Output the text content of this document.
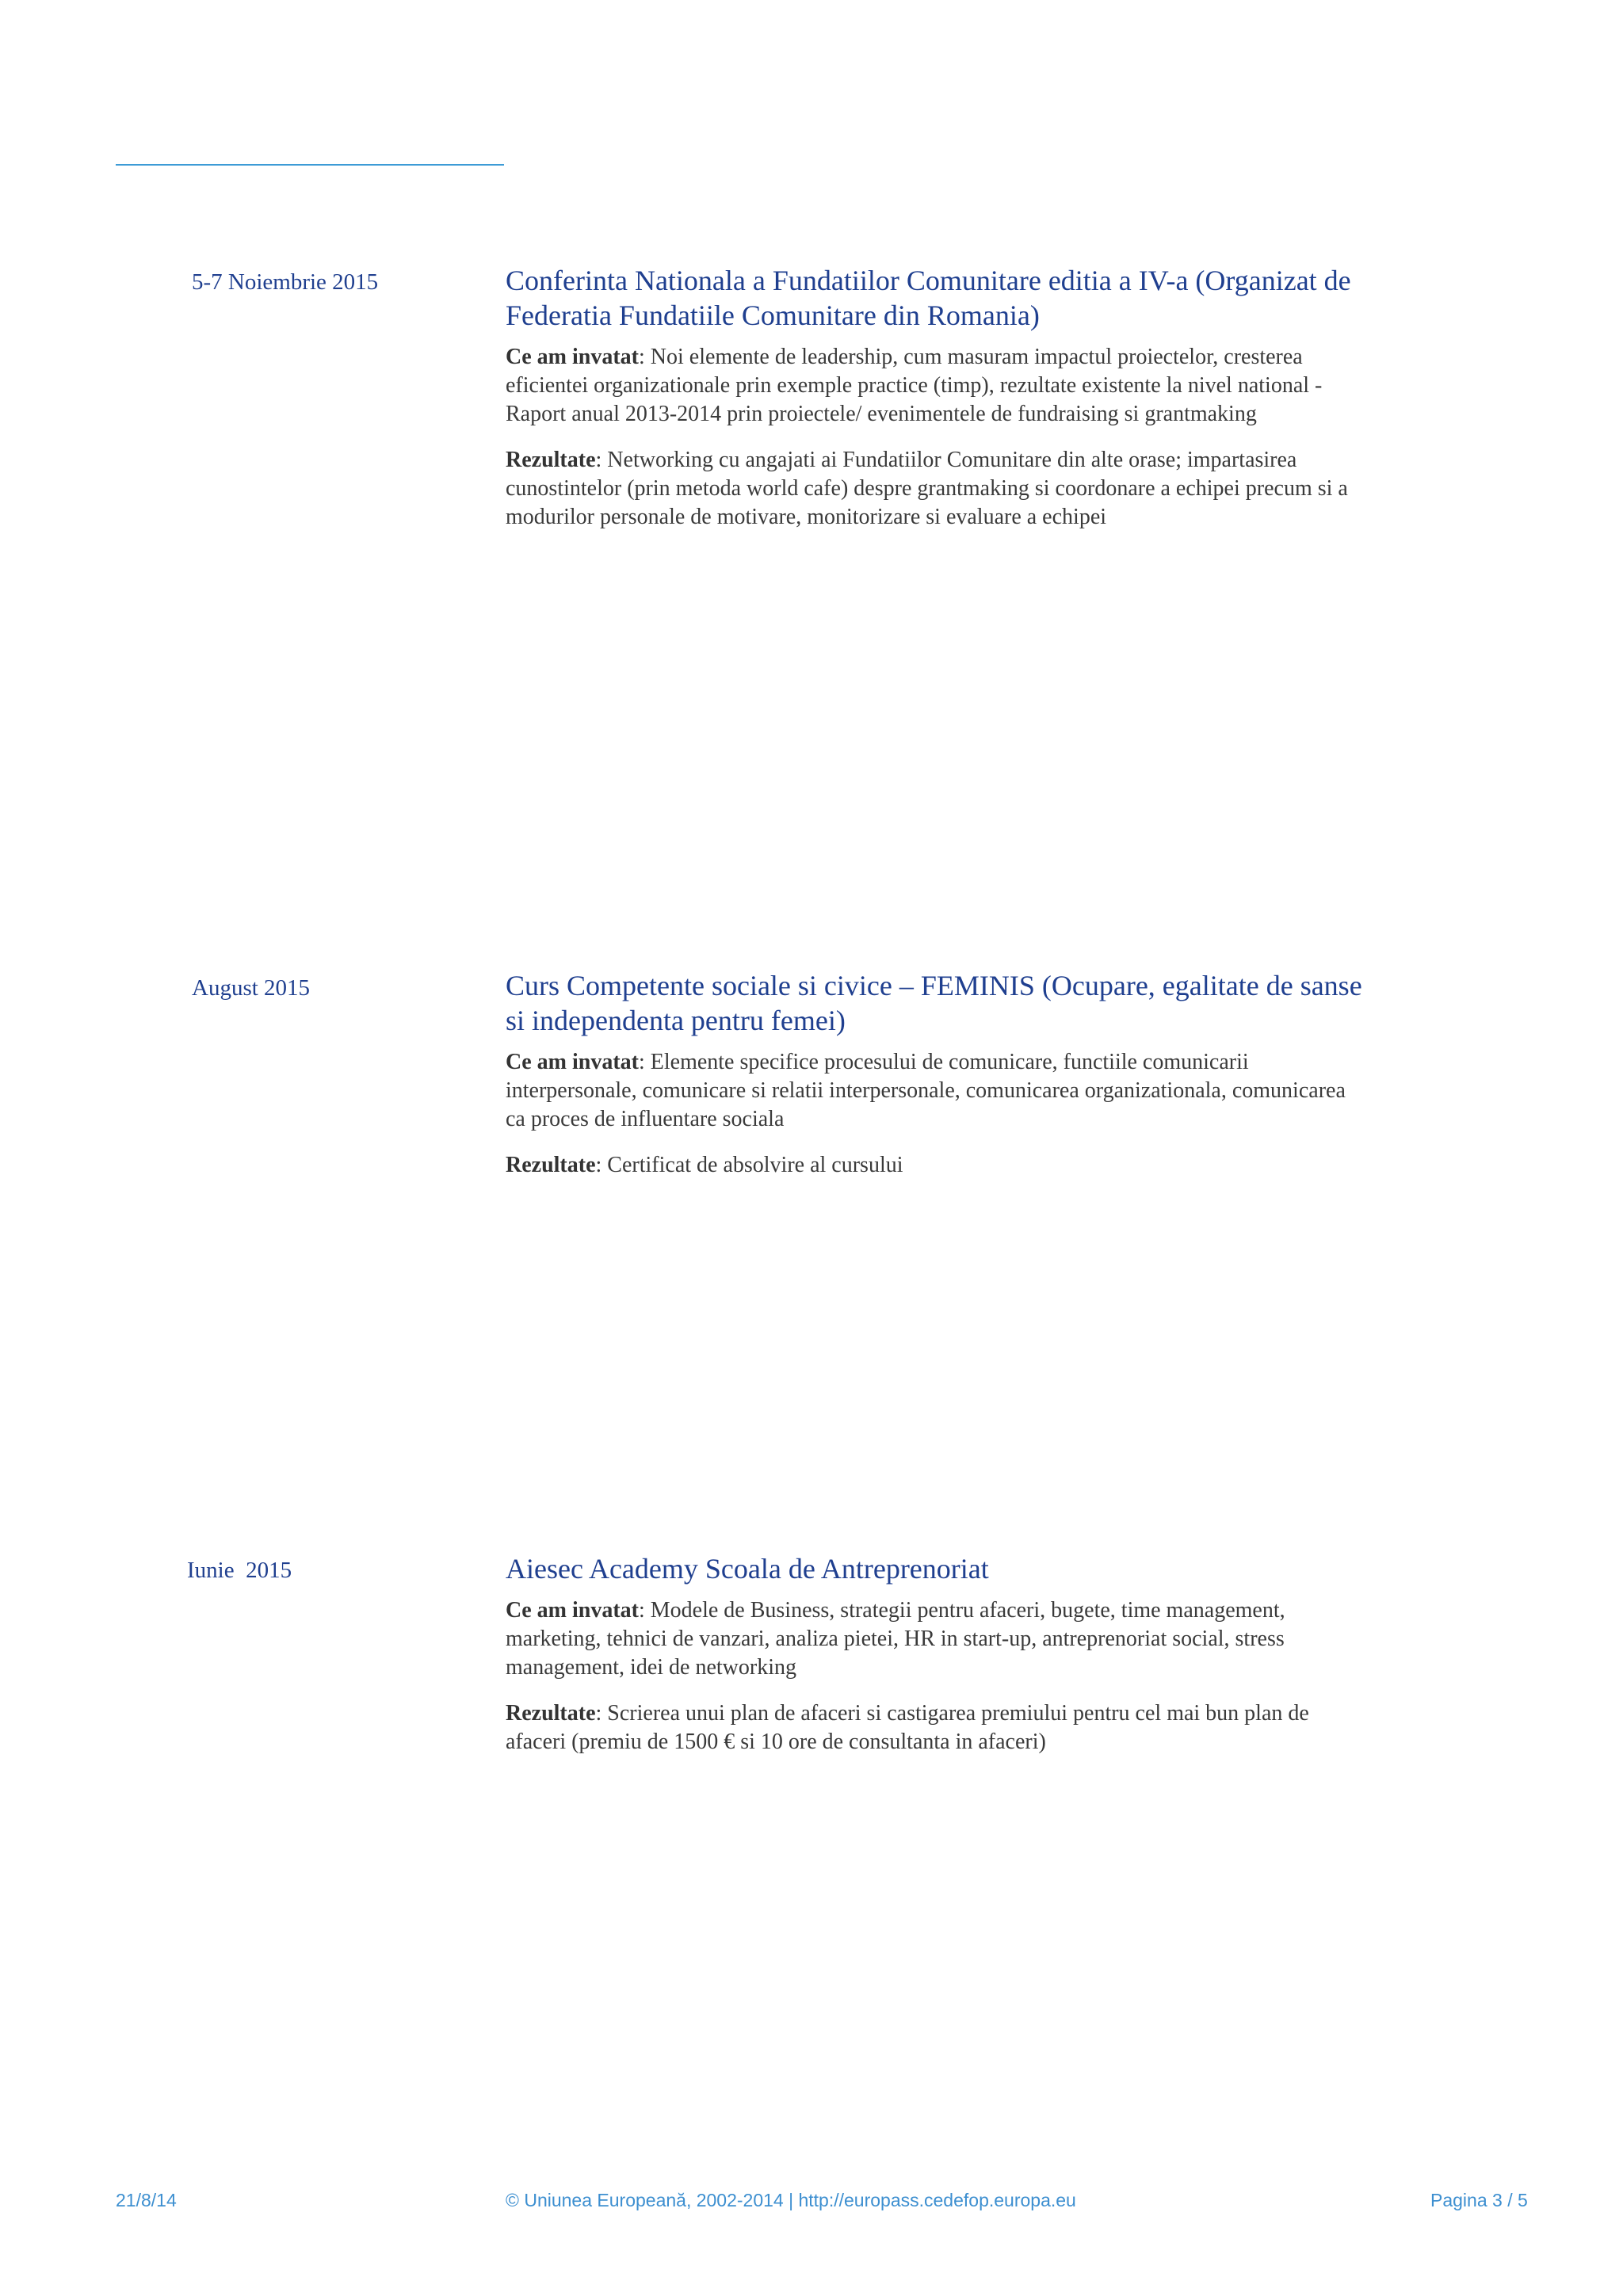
5-7 Noiembrie 2015	Conferinta Nationala a Fundatiilor Comunitare editia a IV-a (Organizat de
Federatia Fundatiile Comunitare din Romania)
Ce am invatat: Noi elemente de leadership, cum masuram impactul proiectelor, cresterea eficientei organizationale prin exemple practice (timp), rezultate existente la nivel national -Raport anual 2013-2014 prin proiectele/ evenimentele de fundraising si grantmaking
Rezultate: Networking cu angajati ai Fundatiilor Comunitare din alte orase; impartasirea cunostintelor (prin metoda world cafe) despre grantmaking si coordonare a echipei precum si a modurilor personale de motivare, monitorizare si evaluare a echipei
August 2015	Curs Competente sociale si civice – FEMINIS (Ocupare, egalitate de sanse
si independenta pentru femei)
Ce am invatat: Elemente specifice procesului de comunicare, functiile comunicarii interpersonale, comunicare si relatii interpersonale, comunicarea organizationala, comunicarea ca proces de influentare sociala
Rezultate: Certificat de absolvire al cursului
Iunie  2015	Aiesec Academy Scoala de Antreprenoriat
Ce am invatat: Modele de Business, strategii pentru afaceri, bugete, time management, marketing, tehnici de vanzari, analiza pietei, HR in start-up, antreprenoriat social, stress management, idei de networking
Rezultate: Scrierea unui plan de afaceri si castigarea premiului pentru cel mai bun plan de afaceri (premiu de 1500 € si 10 ore de consultanta in afaceri)
21/8/14	© Uniunea Europeană, 2002-2014 | http://europass.cedefop.europa.eu	Pagina 3 / 5
